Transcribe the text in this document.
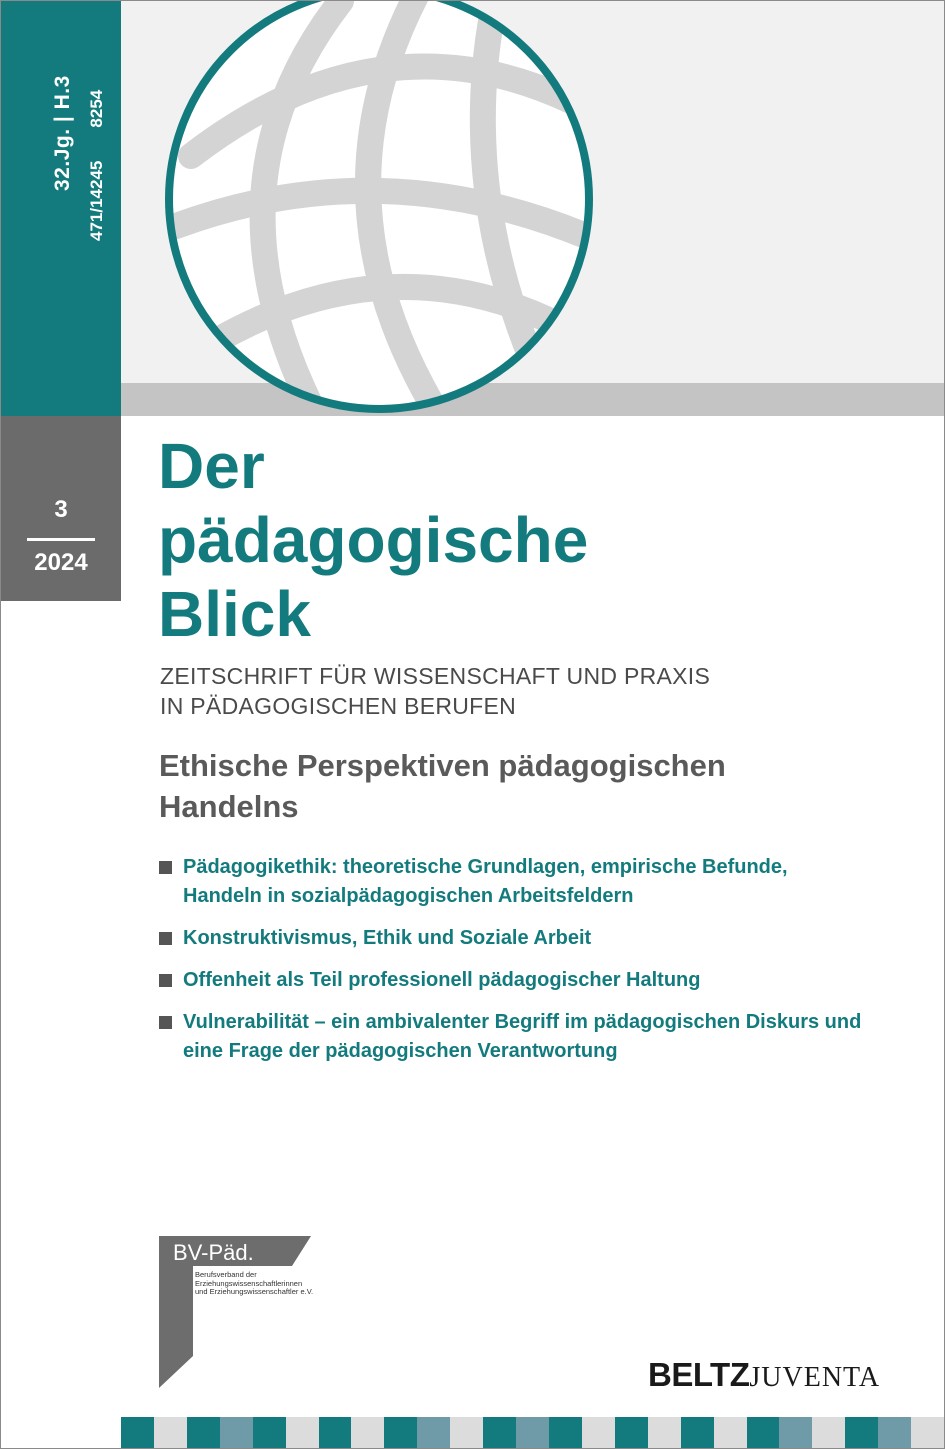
32.Jg. | H.3
471/14245       8254
3
2024
Der
pädagogische
Blick
ZEITSCHRIFT FÜR WISSENSCHAFT UND PRAXIS
IN PÄDAGOGISCHEN BERUFEN
Ethische Perspektiven pädagogischen
Handelns
Pädagogikethik: theoretische Grundlagen, empirische Befunde,
Handeln in sozialpädagogischen Arbeitsfeldern
Konstruktivismus, Ethik und Soziale Arbeit
Offenheit als Teil professionell pädagogischer Haltung
Vulnerabilität – ein ambivalenter Begriff im pädagogischen Diskurs und
eine Frage der pädagogischen Verantwortung
BV-Päd.
Berufsverband der
Erziehungswissenschaftlerinnen
und Erziehungswissenschaftler e.V.
BELTZJUVENTA
